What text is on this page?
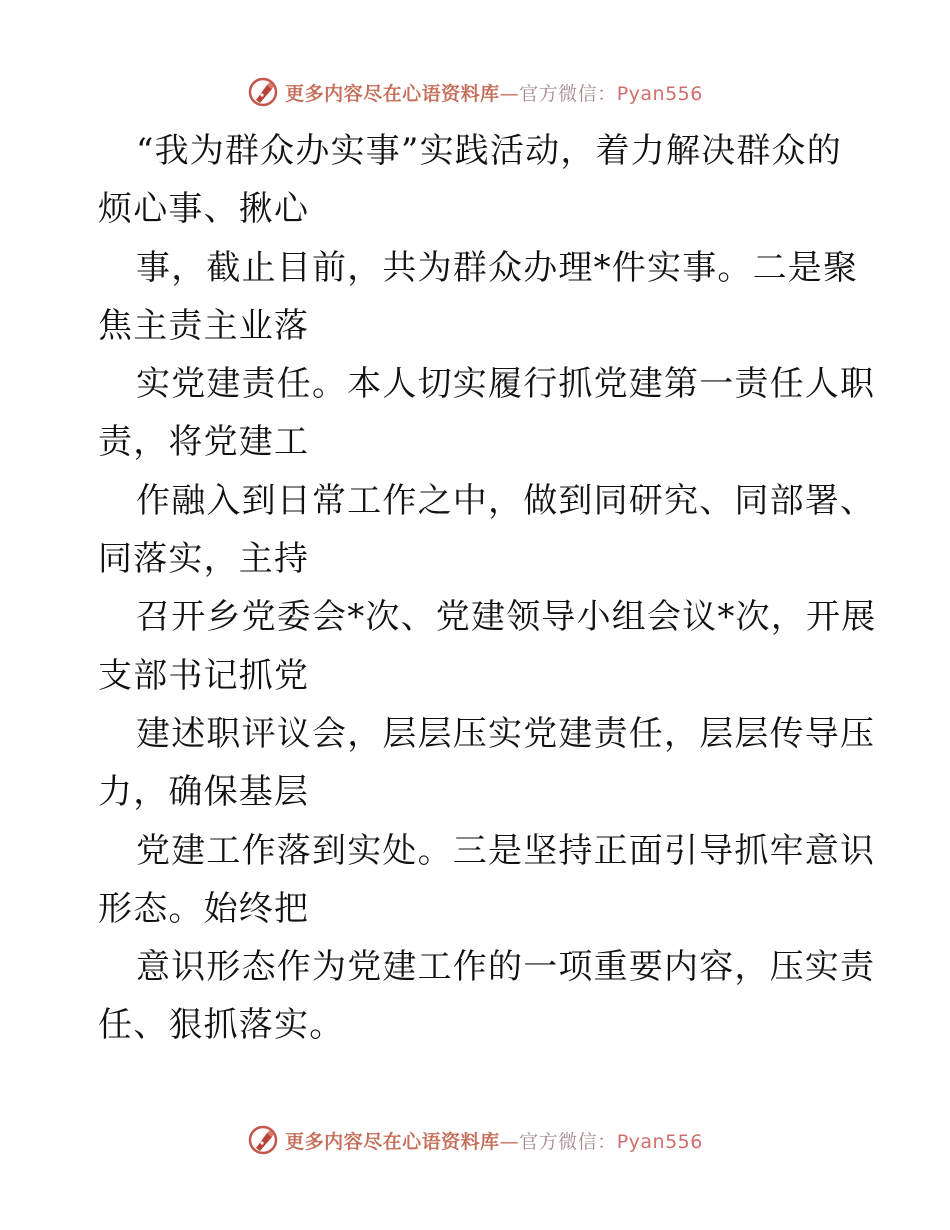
更多内容尽在心语资料库—官方微信：Pyan556
“我为群众办实事”实践活动，着力解决群众的
烦心事、揪心
事，截止目前，共为群众办理*件实事。二是聚
焦主责主业落
实党建责任。本人切实履行抓党建第一责任人职
责，将党建工
作融入到日常工作之中，做到同研究、同部署、
同落实，主持
召开乡党委会*次、党建领导小组会议*次，开展
支部书记抓党
建述职评议会，层层压实党建责任，层层传导压
力，确保基层
党建工作落到实处。三是坚持正面引导抓牢意识
形态。始终把
意识形态作为党建工作的一项重要内容，压实责
任、狠抓落实。
更多内容尽在心语资料库—官方微信：Pyan556
